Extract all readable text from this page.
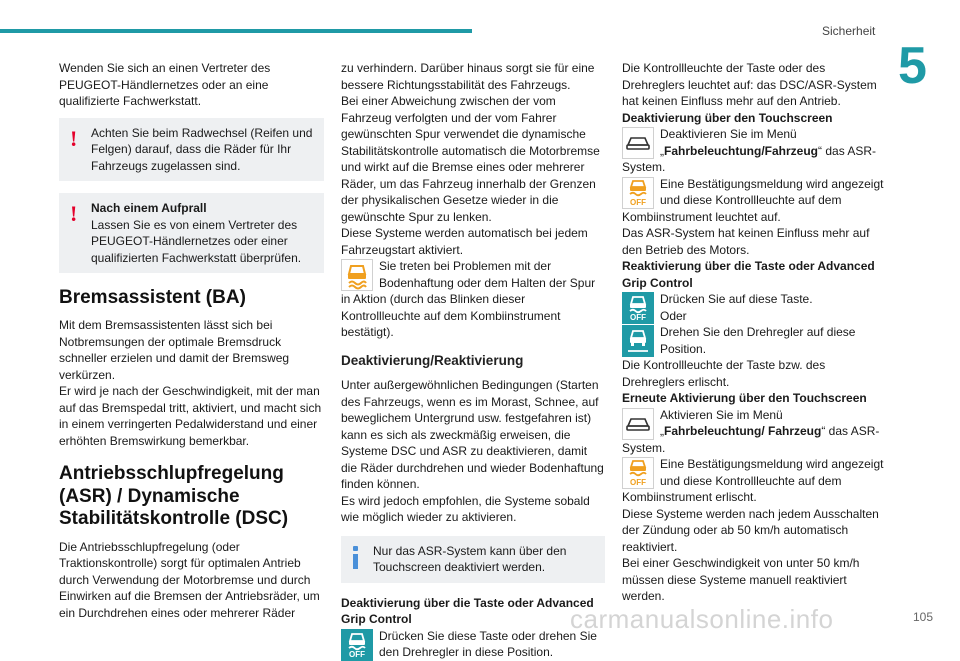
Sicherheit
5
carmanualsonline.info	105

Wenden Sie sich an einen Vertreter des PEUGEOT-Händlernetzes oder an eine qualifizierte Fachwerkstatt.

!	Achten Sie beim Radwechsel (Reifen und Felgen) darauf, dass die Räder für Ihr Fahrzeugs zugelassen sind.

!	Nach einem Aufprall

Lassen Sie es von einem Vertreter des PEUGEOT-Händlernetzes oder einer qualifizierten Fachwerkstatt überprüfen.

Bremsassistent (BA)

Mit dem Bremsassistenten lässt sich bei Notbremsungen der optimale Bremsdruck schneller erzielen und damit der Bremsweg verkürzen.

Er wird je nach der Geschwindigkeit, mit der man auf das Bremspedal tritt, aktiviert, und macht sich in einem verringerten Pedalwiderstand und einer erhöhten Bremswirkung bemerkbar.

Antriebsschlupfregelung (ASR) / Dynamische Stabilitätskontrolle (DSC)

Die Antriebsschlupfregelung (oder Traktionskontrolle) sorgt für optimalen Antrieb durch Verwendung der Motorbremse und durch Einwirken auf die Bremsen der Antriebsräder, um ein Durchdrehen eines oder mehrerer Räder

zu verhindern. Darüber hinaus sorgt sie für eine bessere Richtungsstabilität des Fahrzeugs.

Bei einer Abweichung zwischen der vom Fahrzeug verfolgten und der vom Fahrer gewünschten Spur verwendet die dynamische Stabilitätskontrolle automatisch die Motorbremse und wirkt auf die Bremse eines oder mehrerer Räder, um das Fahrzeug innerhalb der Grenzen der physikalischen Gesetze wieder in die gewünschte Spur zu lenken.

Diese Systeme werden automatisch bei jedem Fahrzeugstart aktiviert.

Sie treten bei Problemen mit der Bodenhaftung oder dem Halten der Spur in Aktion (durch das Blinken dieser Kontrollleuchte auf dem Kombiinstrument bestätigt).

Deaktivierung/Reaktivierung

Unter außergewöhnlichen Bedingungen (Starten des Fahrzeugs, wenn es im Morast, Schnee, auf beweglichem Untergrund usw. festgefahren ist) kann es sich als zweckmäßig erweisen, die Systeme DSC und ASR zu deaktivieren, damit die Räder durchdrehen und wieder Bodenhaftung finden können.

Es wird jedoch empfohlen, die Systeme sobald wie möglich wieder zu aktivieren.

Nur das ASR-System kann über den Touchscreen deaktiviert werden.

Deaktivierung über die Taste oder Advanced Grip Control

OFF

Drücken Sie diese Taste oder drehen Sie den Drehregler in diese Position.

Die Kontrollleuchte der Taste oder des Drehreglers leuchtet auf: das DSC/ASR-System hat keinen Einfluss mehr auf den Antrieb.

Deaktivierung über den Touchscreen

Deaktivieren Sie im Menü „Fahrbeleuchtung/Fahrzeug“ das ASR-System.

OFF

Eine Bestätigungsmeldung wird angezeigt und diese Kontrollleuchte auf dem Kombiinstrument leuchtet auf.

Das ASR-System hat keinen Einfluss mehr auf den Betrieb des Motors.

Reaktivierung über die Taste oder Advanced Grip Control

OFF

Drücken Sie auf diese Taste.

Oder

Drehen Sie den Drehregler auf diese Position.

Die Kontrollleuchte der Taste bzw. des Drehreglers erlischt.

Erneute Aktivierung über den Touchscreen

Aktivieren Sie im Menü „Fahrbeleuchtung/ Fahrzeug“ das ASR-System.

OFF

Eine Bestätigungsmeldung wird angezeigt und diese Kontrollleuchte auf dem Kombiinstrument erlischt.

Diese Systeme werden nach jedem Ausschalten der Zündung oder ab 50 km/h automatisch reaktiviert.

Bei einer Geschwindigkeit von unter 50 km/h müssen diese Systeme manuell reaktiviert werden.
